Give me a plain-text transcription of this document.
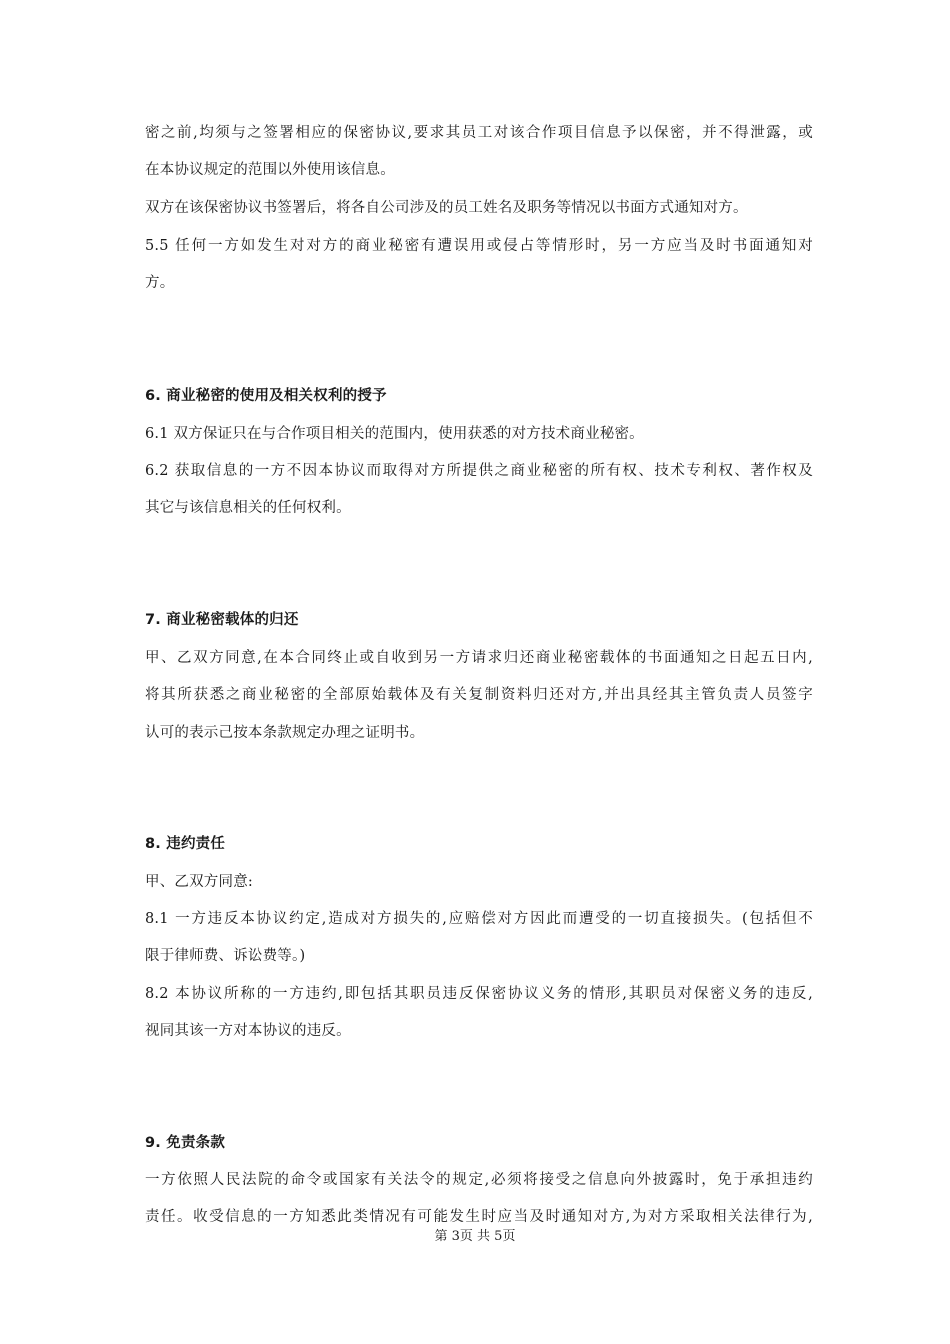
密之前,均须与之签署相应的保密协议,要求其员工对该合作项目信息予以保密，并不得泄露，或
在本协议规定的范围以外使用该信息。
双方在该保密协议书签署后，将各自公司涉及的员工姓名及职务等情况以书面方式通知对方。
5.5 任何一方如发生对对方的商业秘密有遭误用或侵占等情形时，另一方应当及时书面通知对
方。
6. 商业秘密的使用及相关权利的授予
6.1 双方保证只在与合作项目相关的范围内，使用获悉的对方技术商业秘密。
6.2 获取信息的一方不因本协议而取得对方所提供之商业秘密的所有权、技术专利权、著作权及
其它与该信息相关的任何权利。
7. 商业秘密载体的归还
甲、乙双方同意,在本合同终止或自收到另一方请求归还商业秘密载体的书面通知之日起五日内,
将其所获悉之商业秘密的全部原始载体及有关复制资料归还对方,并出具经其主管负责人员签字
认可的表示己按本条款规定办理之证明书。
8. 违约责任
甲、乙双方同意:
8.1 一方违反本协议约定,造成对方损失的,应赔偿对方因此而遭受的一切直接损失。(包括但不
限于律师费、诉讼费等。)
8.2 本协议所称的一方违约,即包括其职员违反保密协议义务的情形,其职员对保密义务的违反,
视同其该一方对本协议的违反。
9. 免责条款
一方依照人民法院的命令或国家有关法令的规定,必须将接受之信息向外披露时，免于承担违约
责任。收受信息的一方知悉此类情况有可能发生时应当及时通知对方,为对方采取相关法律行为,
第 3页 共 5页
